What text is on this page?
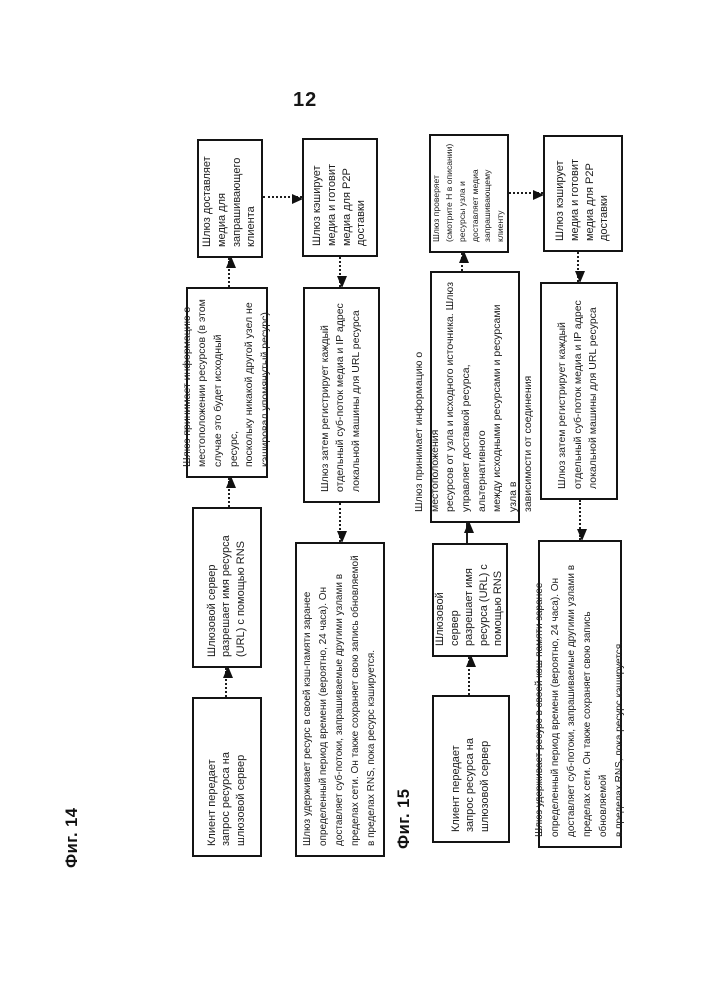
12
Фиг. 14	Клиент передает
запрос ресурса на
шлюзовой сервер
Шлюзовой сервер
разрешает имя ресурса
(URL) с помощью RNS
Шлюз принимает информацию о
местоположении ресурсов (в этом
случае это будет исходный ресурс,
поскольку никакой другой узел не
кэшировал упомянутый ресурс)
Шлюз доставляет
медиа для
запрашивающего
клиента	Шлюз кэширует
медиа и готовит
медиа для P2P
доставки
Шлюз затем регистрирует каждый
отдельный суб-поток медиа и IP адрес
локальной машины для URL ресурса
Шлюз удерживает ресурс в своей кэш-памяти заранее
определенный период времени (вероятно, 24 часа). Он
доставляет суб-потоки, запрашиваемые другими узлами в
пределах сети. Он также сохраняет свою запись обновляемой
в пределах RNS, пока ресурс кэшируется.
Фиг. 15	Клиент передает
запрос ресурса на
шлюзовой сервер
Шлюзовой
сервер
разрешает имя
ресурса (URL) с
помощью RNS
Шлюз принимает информацию о местоположения
ресурсов от узла и исходного источника. Шлюз
управляет доставкой ресурса, альтернативного
между исходными ресурсами и ресурсами узла в
зависимости от соединения
Шлюз проверяет
(смотрите Н в описании)
ресурсы узла и
доставляет медиа
запрашивающему
клиенту	Шлюз кэширует
медиа и готовит
медиа для P2P
доставки
Шлюз затем регистрирует каждый
отдельный суб-поток медиа и IP адрес
локальной машины для URL ресурса
Шлюз удерживает ресурс в своей кэш-памяти заранее
определенный период времени (вероятно, 24 часа). Он
доставляет суб-потоки, запрашиваемые другими узлами в
пределах сети. Он также сохраняет свою запись обновляемой
в пределах RNS, пока ресурс кэшируется.
